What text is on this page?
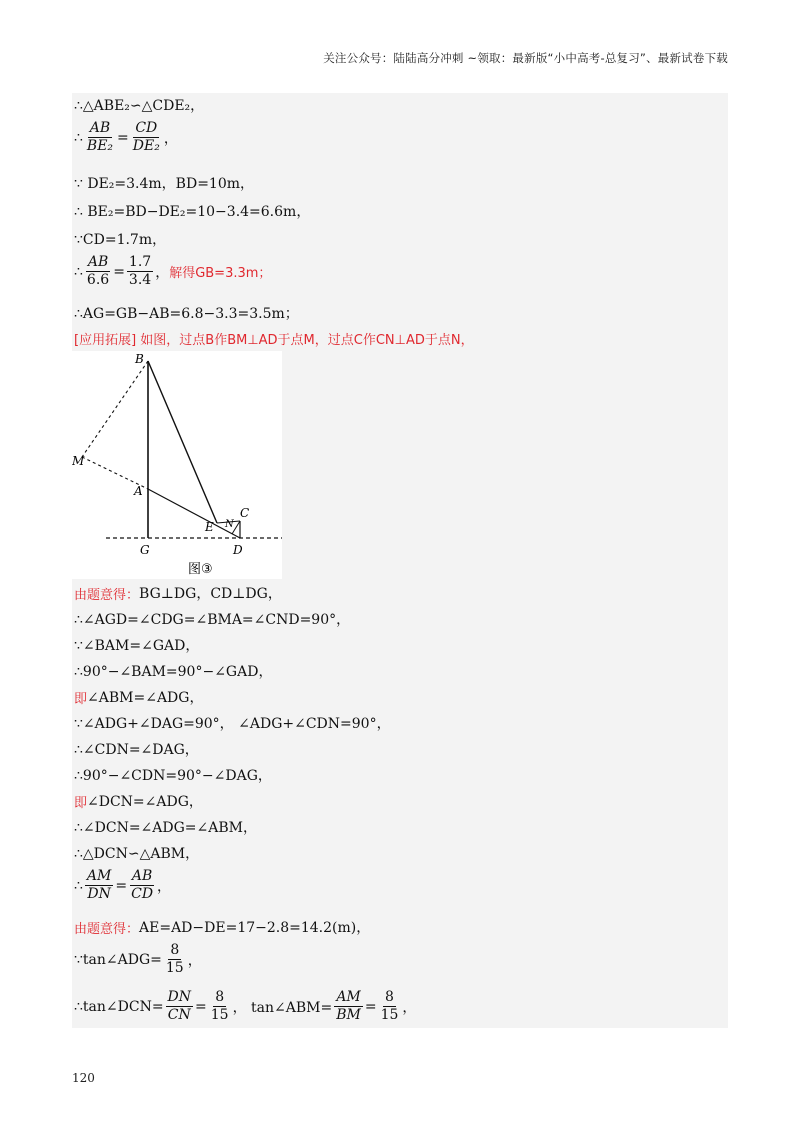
关注公众号：陆陆高分冲刺 ~领取：最新版“小中高考-总复习”、最新试卷下载
∴△ABE₂∽△CDE₂，
∴ $\frac{AB}{\text{BE₂}} = \frac{CD}{\text{DE₂}}$ ，
∵ DE₂=3.4m，BD=10m，
∴ BE₂=BD−DE₂=10−3.4=6.6m，
∵CD=1.7m，
∴ $\frac{AB}{6.6} = \frac{1.7}{3.4}$ ， 解得GB=3.3m；
∴AG=GB−AB=6.8−3.3=3.5m；
[应用拓展] 如图，过点B作BM⊥AD于点M，过点C作CN⊥AD于点N，
B
M
A
C
E N
G	D
图③
由题意得： BG⊥DG，CD⊥DG，
∴∠AGD=∠CDG=∠BMA=∠CND=90°，
∵∠BAM=∠GAD，
∴90°−∠BAM=90°−∠GAD，
即 ∠ABM=∠ADG，
∵∠ADG+∠DAG=90°， ∠ADG+∠CDN=90°，
∴∠CDN=∠DAG，
∴90°−∠CDN=90°−∠DAG，
即 ∠DCN=∠ADG，
∴∠DCN=∠ADG=∠ABM，
∴△DCN∽△ABM，
∴ $\frac{AM}{DN} = \frac{AB}{CD}$ ，
由题意得： AE=AD−DE=17−2.8=14.2(m)，
∵tan∠ADG= $\frac{8}{15}$ ，
∴tan∠DCN= $\frac{DN}{CN} = \frac{8}{15}$ ， tan∠ABM= $\frac{AM}{BM} = \frac{8}{15}$ ，
120
